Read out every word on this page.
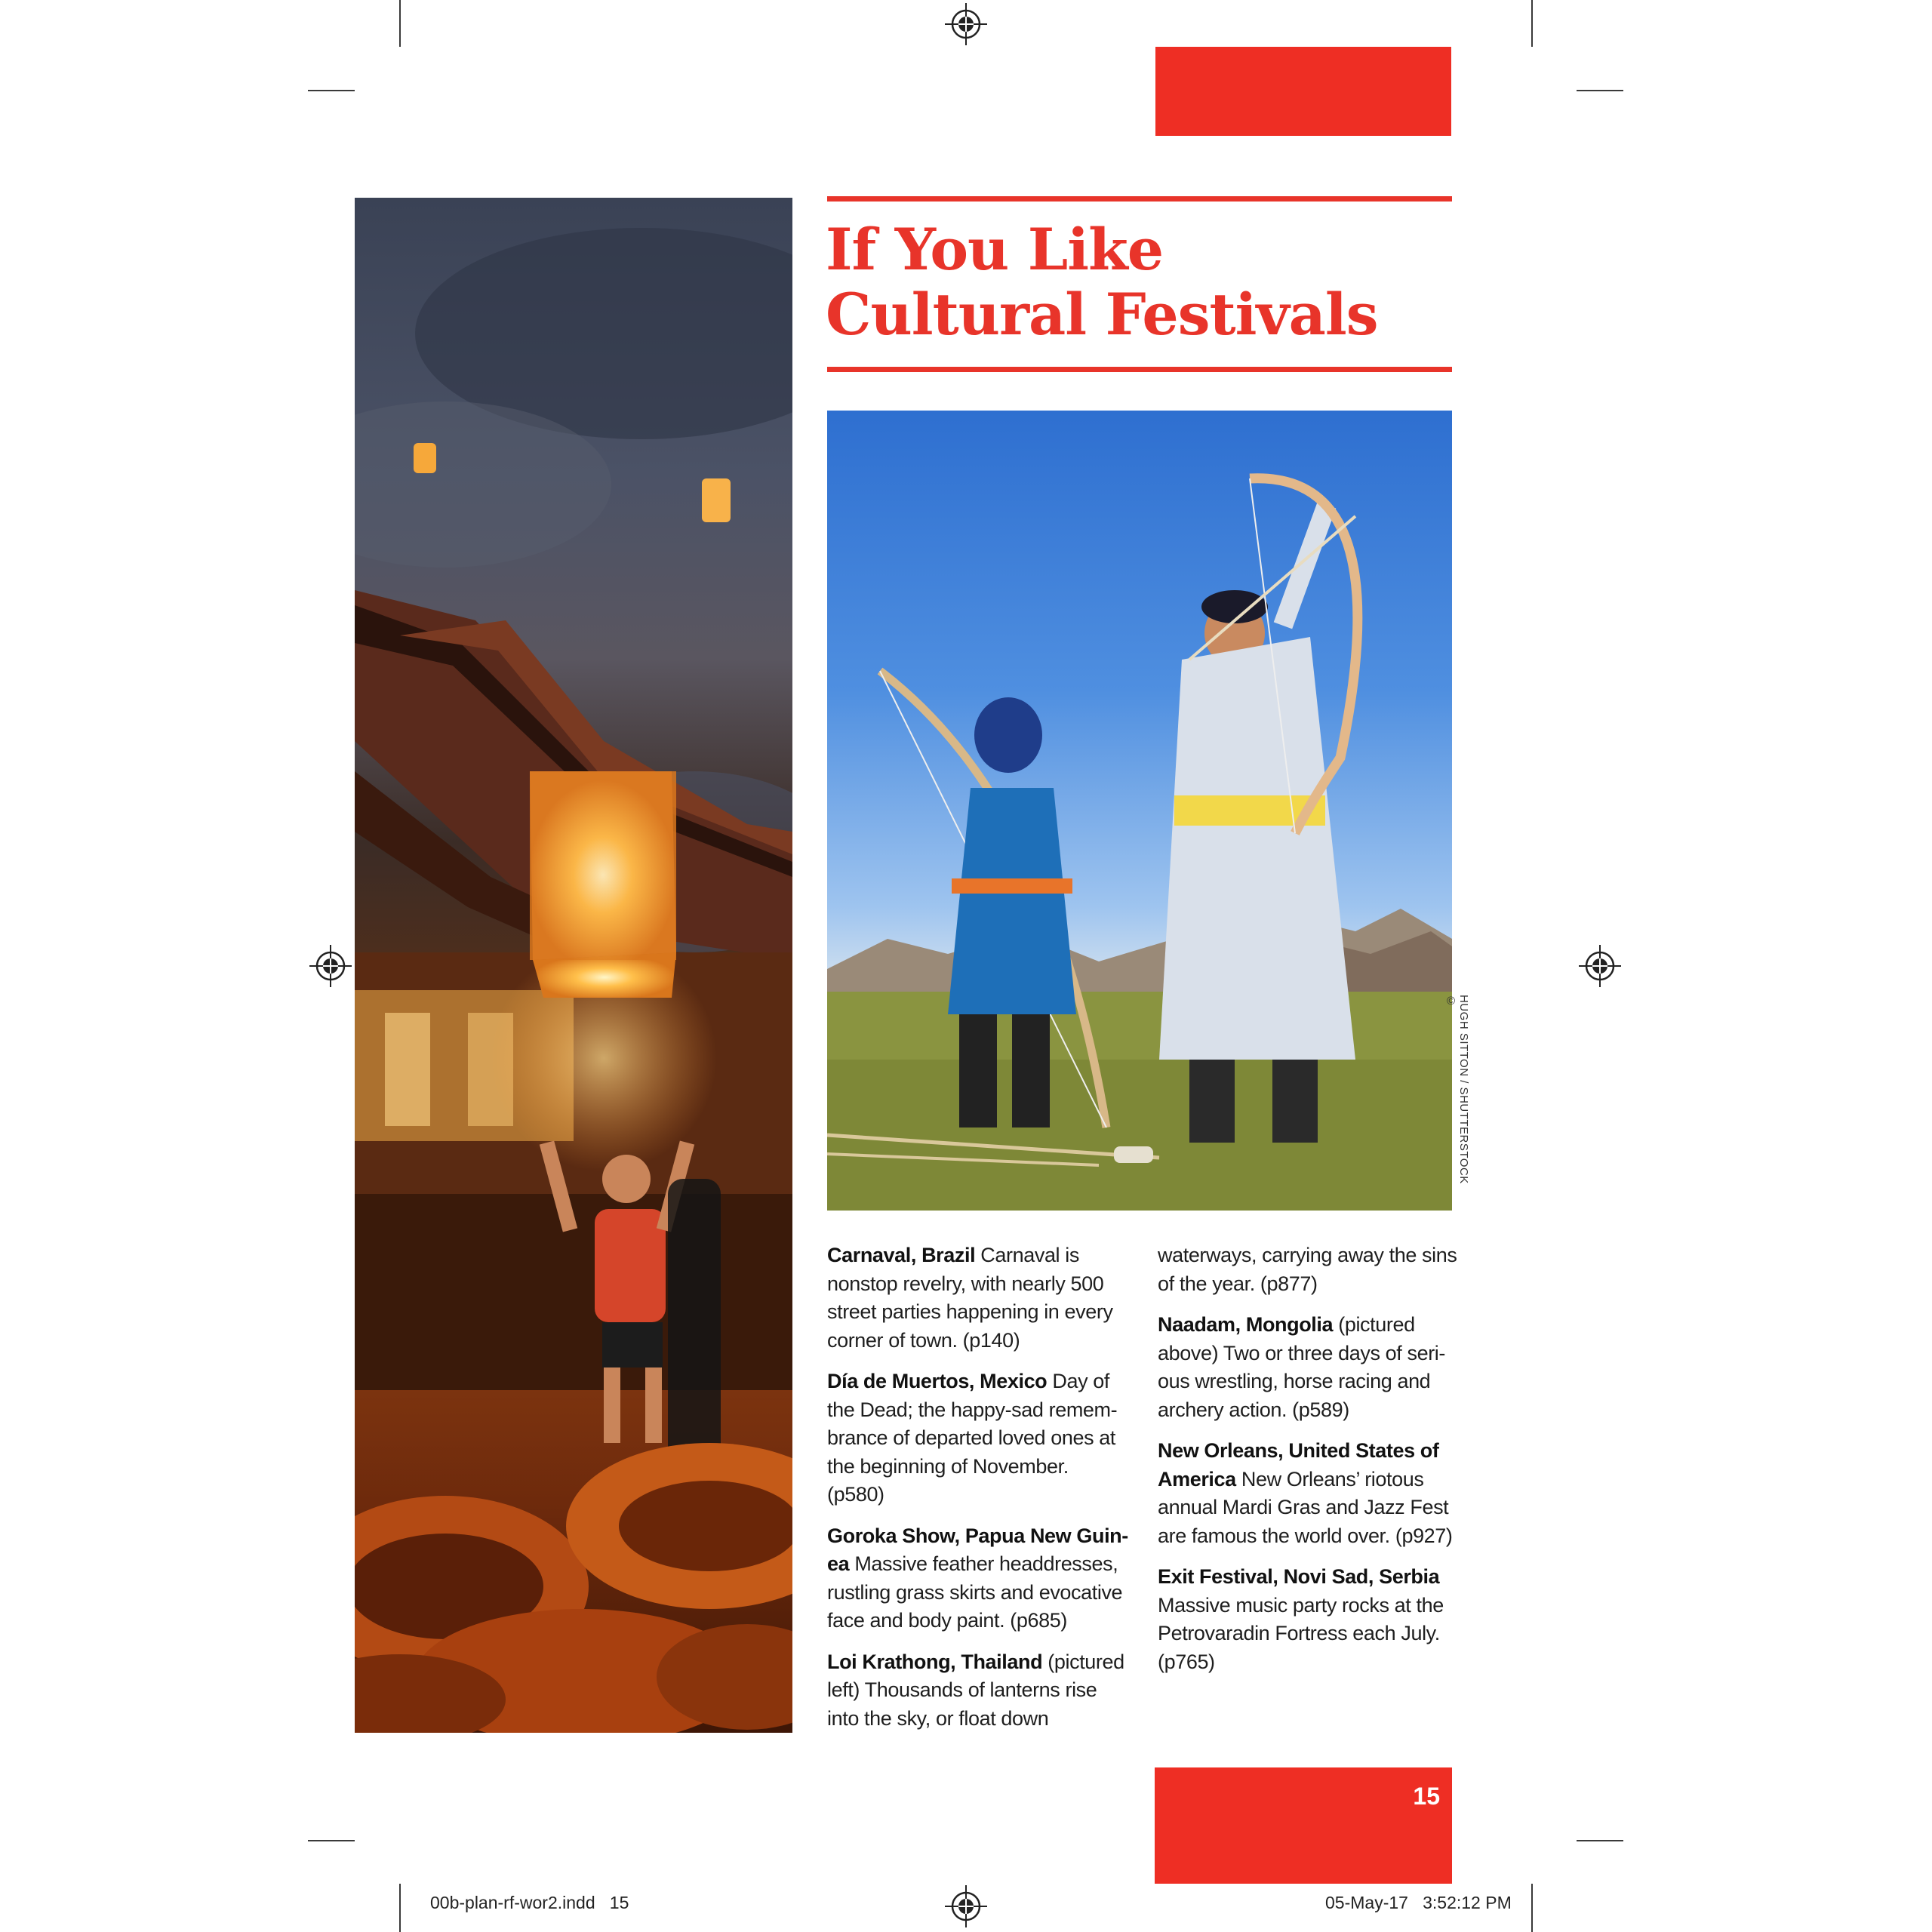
If You Like
Cultural Festivals
HUGH SITTON / SHUTTERSTOCK ©

Carnaval, Brazil Carnaval is nonstop revelry, with nearly 500 street parties happening in every corner of town. (p140)

Día de Muertos, Mexico Day of the Dead; the happy-sad remembrance of departed loved ones at the beginning of November. (p580)

Goroka Show, Papua New Guinea Massive feather headdresses, rustling grass skirts and evocative face and body paint. (p685)

Loi Krathong, Thailand (pictured left) Thousands of lanterns rise into the sky, or float down

waterways, carrying away the sins of the year. (p877)

Naadam, Mongolia (pictured above) Two or three days of serious wrestling, horse racing and archery action. (p589)

New Orleans, United States of America New Orleans’ riotous annual Mardi Gras and Jazz Fest are famous the world over. (p927)

Exit Festival, Novi Sad, Serbia Massive music party rocks at the Petrovaradin Fortress each July. (p765)

15
00b-plan-rf-wor2.indd   15	05-May-17   3:52:12 PM
